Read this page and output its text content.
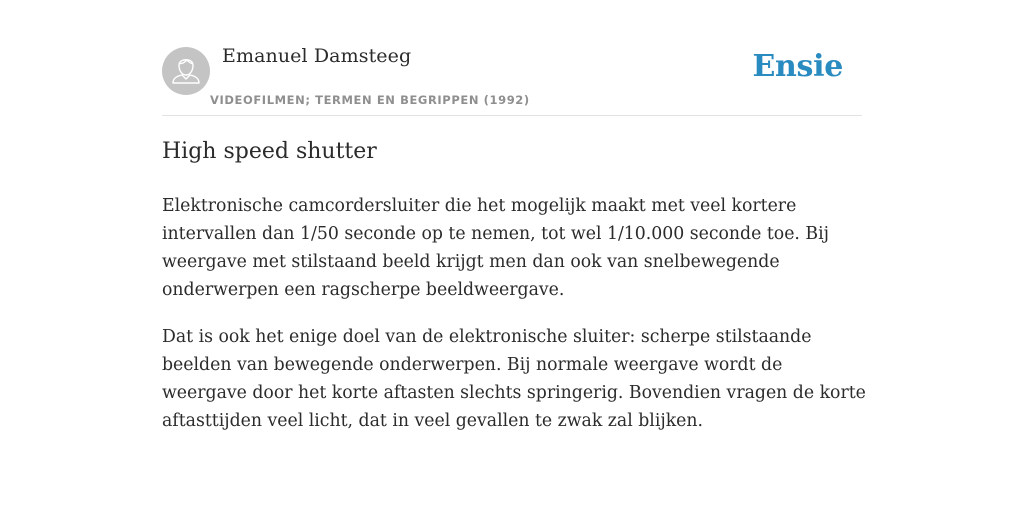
Emanuel Damsteeg
VIDEOFILMEN; TERMEN EN BEGRIPPEN (1992)
Ensie
High speed shutter

Elektronische camcordersluiter die het mogelijk maakt met veel kortere intervallen dan 1/50 seconde op te nemen, tot wel 1/10.000 seconde toe. Bij weergave met stilstaand beeld krijgt men dan ook van snelbewegende onderwerpen een ragscherpe beeldweergave.

Dat is ook het enige doel van de elektronische sluiter: scherpe stilstaande beelden van bewegende onderwerpen. Bij normale weergave wordt de weergave door het korte aftasten slechts springerig. Bovendien vragen de korte aftasttijden veel licht, dat in veel gevallen te zwak zal blijken.
